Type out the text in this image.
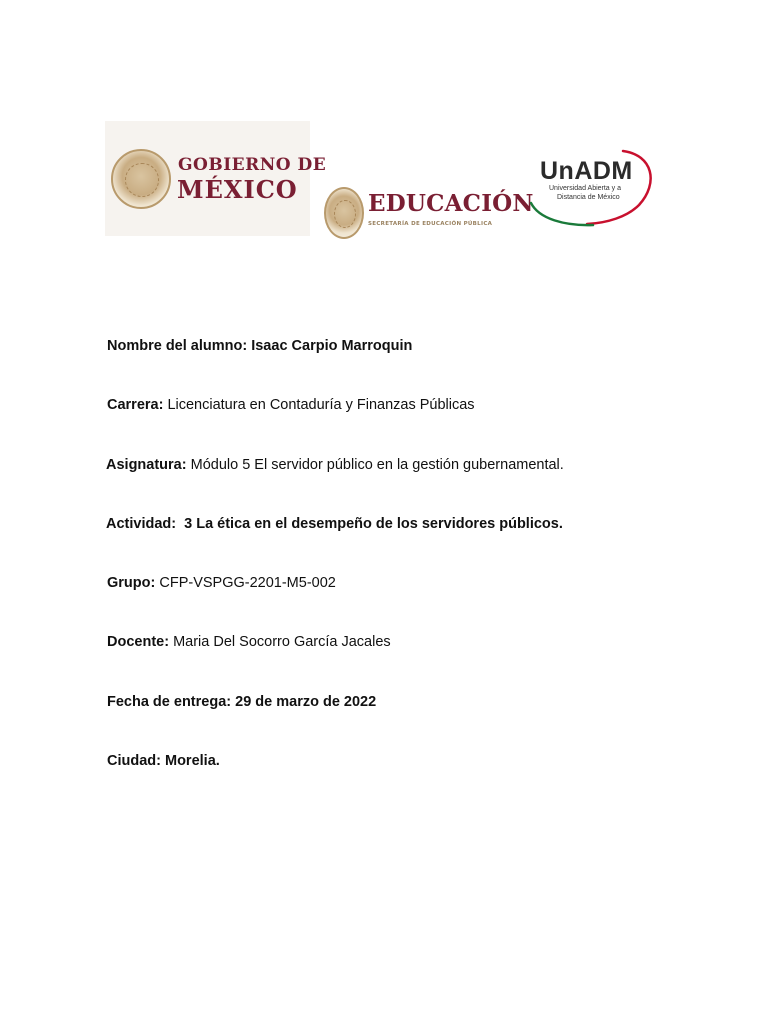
GOBIERNO DE
MÉXICO	EDUCACIÓN
SECRETARÍA DE EDUCACIÓN PÚBLICA
UnADM
Universidad Abierta y a
Distancia de México
Nombre del alumno: Isaac Carpio Marroquin
Carrera: Licenciatura en Contaduría y Finanzas Públicas
Asignatura: Módulo 5 El servidor público en la gestión gubernamental.
Actividad: 3 La ética en el desempeño de los servidores públicos.
Grupo: CFP-VSPGG-2201-M5-002
Docente: Maria Del Socorro García Jacales
Fecha de entrega: 29 de marzo de 2022
Ciudad: Morelia.
